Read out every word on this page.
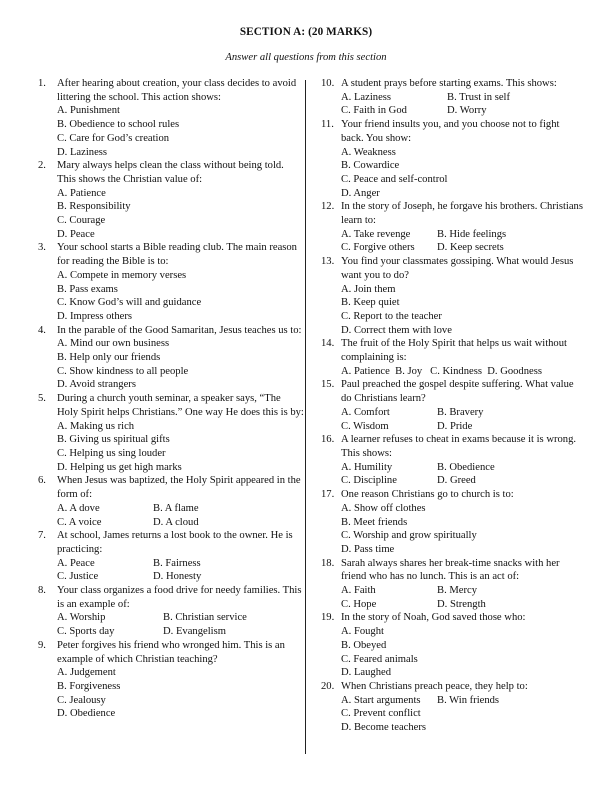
SECTION A: (20 MARKS)
Answer all questions from this section
1. After hearing about creation, your class decides to avoid littering the school. This action shows:
A. Punishment
B. Obedience to school rules
C. Care for God’s creation
D. Laziness
2. Mary always helps clean the class without being told. This shows the Christian value of:
A. Patience
B. Responsibility
C. Courage
D. Peace
3. Your school starts a Bible reading club. The main reason for reading the Bible is to:
A. Compete in memory verses
B. Pass exams
C. Know God’s will and guidance
D. Impress others
4. In the parable of the Good Samaritan, Jesus teaches us to:
A. Mind our own business
B. Help only our friends
C. Show kindness to all people
D. Avoid strangers
5. During a church youth seminar, a speaker says, “The Holy Spirit helps Christians.” One way He does this is by:
A. Making us rich
B. Giving us spiritual gifts
C. Helping us sing louder
D. Helping us get high marks
6. When Jesus was baptized, the Holy Spirit appeared in the form of:
A. A dove	B. A flame
C. A voice	D. A cloud
7. At school, James returns a lost book to the owner. He is practicing:
A. Peace	B. Fairness
C. Justice	D. Honesty
8. Your class organizes a food drive for needy families. This is an example of:
A. Worship	B. Christian service
C. Sports day	D. Evangelism
9. Peter forgives his friend who wronged him. This is an example of which Christian teaching?
A. Judgement
B. Forgiveness
C. Jealousy
D. Obedience
10. A student prays before starting exams. This shows:
A. Laziness	B. Trust in self
C. Faith in God	D. Worry
11. Your friend insults you, and you choose not to fight back. You show:
A. Weakness
B. Cowardice
C. Peace and self-control
D. Anger
12. In the story of Joseph, he forgave his brothers. Christians learn to:
A. Take revenge	B. Hide feelings
C. Forgive others D. Keep secrets
13. You find your classmates gossiping. What would Jesus want you to do?
A. Join them
B. Keep quiet
C. Report to the teacher
D. Correct them with love
14. The fruit of the Holy Spirit that helps us wait without complaining is:
A. Patience  B. Joy   C. Kindness  D. Goodness
15. Paul preached the gospel despite suffering. What value do Christians learn?
A. Comfort	B. Bravery
C. Wisdom	D. Pride
16. A learner refuses to cheat in exams because it is wrong. This shows:
A. Humility	B. Obedience
C. Discipline	D. Greed
17. One reason Christians go to church is to:
A. Show off clothes
B. Meet friends
C. Worship and grow spiritually
D. Pass time
18. Sarah always shares her break-time snacks with her friend who has no lunch. This is an act of:
A. Faith	B. Mercy
C. Hope	D. Strength
19. In the story of Noah, God saved those who:
A. Fought
B. Obeyed
C. Feared animals
D. Laughed
20. When Christians preach peace, they help to:
A. Start arguments B. Win friends
C. Prevent conflict
D. Become teachers
